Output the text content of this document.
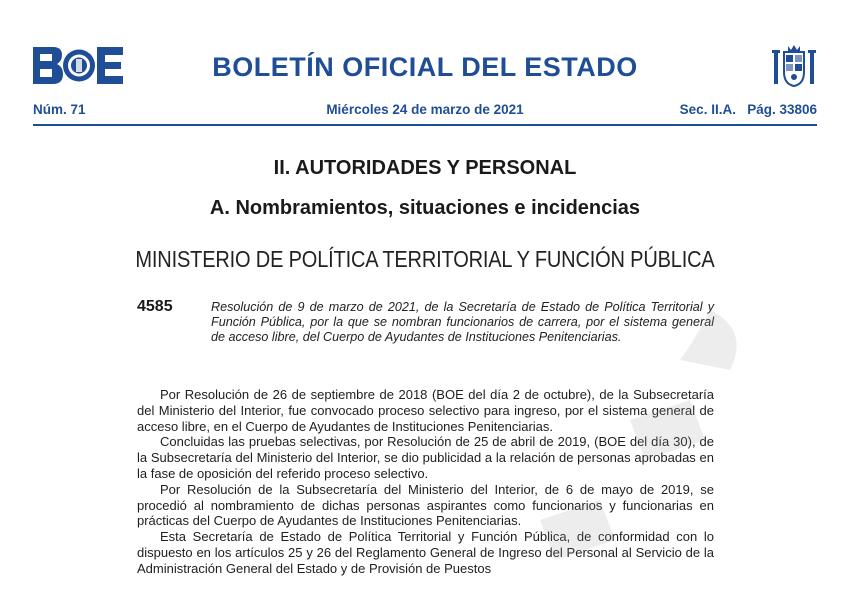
BOLETÍN OFICIAL DEL ESTADO
Núm. 71	Miércoles 24 de marzo de 2021	Sec. II.A.   Pág. 33806
II. AUTORIDADES Y PERSONAL
A. Nombramientos, situaciones e incidencias
MINISTERIO DE POLÍTICA TERRITORIAL Y FUNCIÓN PÚBLICA
4585	Resolución de 9 de marzo de 2021, de la Secretaría de Estado de Política Territorial y Función Pública, por la que se nombran funcionarios de carrera, por el sistema general de acceso libre, del Cuerpo de Ayudantes de Instituciones Penitenciarias.

Por Resolución de 26 de septiembre de 2018 (BOE del día 2 de octubre), de la Subsecretaría del Ministerio del Interior, fue convocado proceso selectivo para ingreso, por el sistema general de acceso libre, en el Cuerpo de Ayudantes de Instituciones Penitenciarias.

Concluidas las pruebas selectivas, por Resolución de 25 de abril de 2019, (BOE del día 30), de la Subsecretaría del Ministerio del Interior, se dio publicidad a la relación de personas aprobadas en la fase de oposición del referido proceso selectivo.

Por Resolución de la Subsecretaría del Ministerio del Interior, de 6 de mayo de 2019, se procedió al nombramiento de dichas personas aspirantes como funcionarios y funcionarias en prácticas del Cuerpo de Ayudantes de Instituciones Penitenciarias.

Esta Secretaría de Estado de Política Territorial y Función Pública, de conformidad con lo dispuesto en los artículos 25 y 26 del Reglamento General de Ingreso del Personal al Servicio de la Administración General del Estado y de Provisión de Puestos
